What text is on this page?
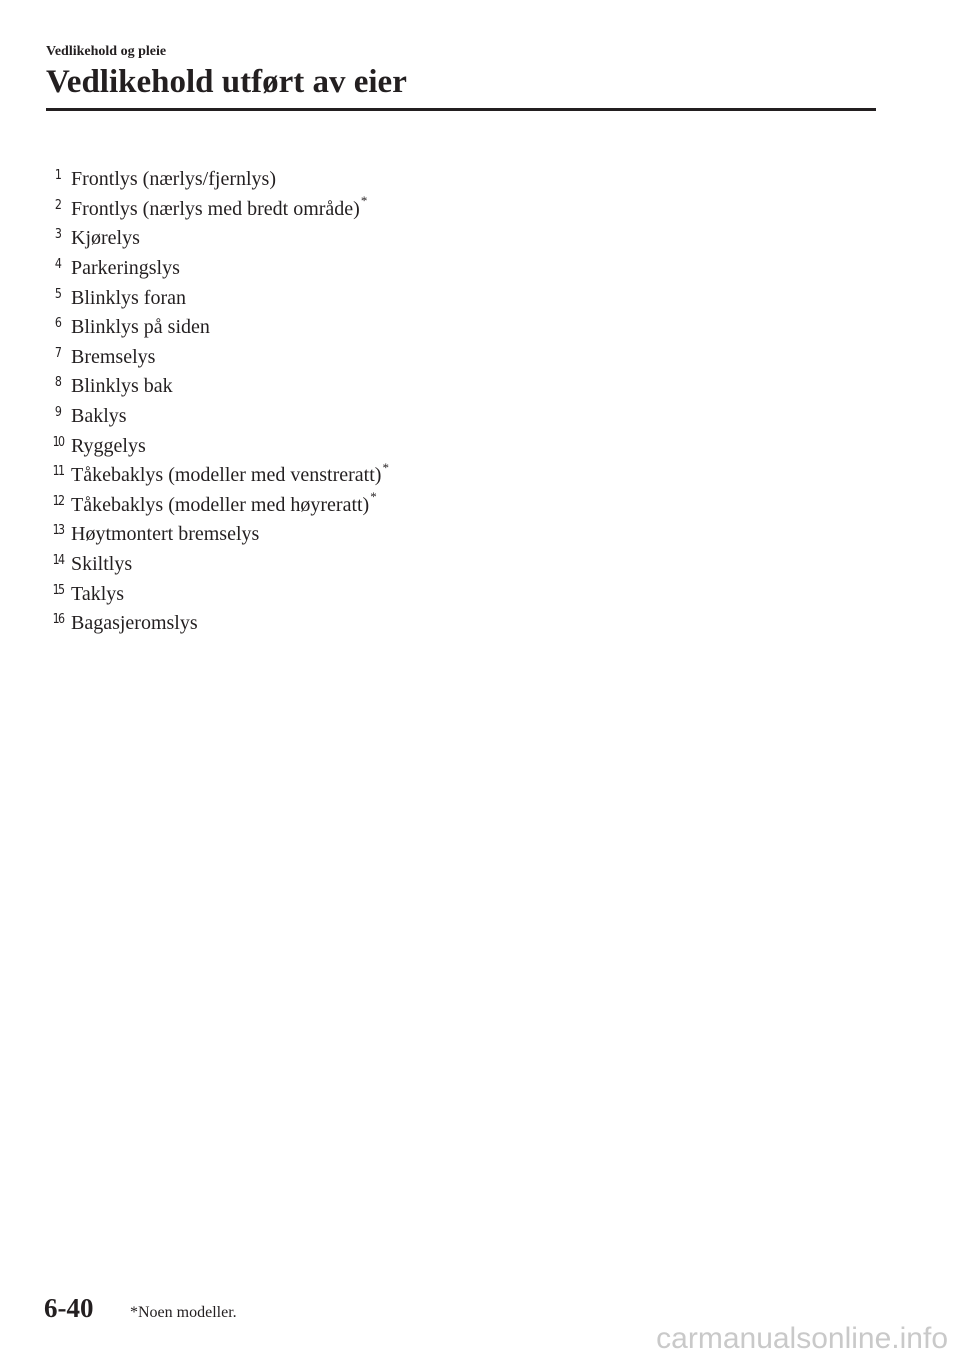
Vedlikehold og pleie
Vedlikehold utført av eier
1 Frontlys (nærlys/fjernlys)
2 Frontlys (nærlys med bredt område) *
3 Kjørelys
4 Parkeringslys
5 Blinklys foran
6 Blinklys på siden
7 Bremselys
8 Blinklys bak
9 Baklys
10 Ryggelys
11 Tåkebaklys (modeller med venstreratt) *
12 Tåkebaklys (modeller med høyreratt) *
13 Høytmontert bremselys
14 Skiltlys
15 Taklys
16 Bagasjeromslys
6-40 *Noen modeller.
carmanualsonline.info
